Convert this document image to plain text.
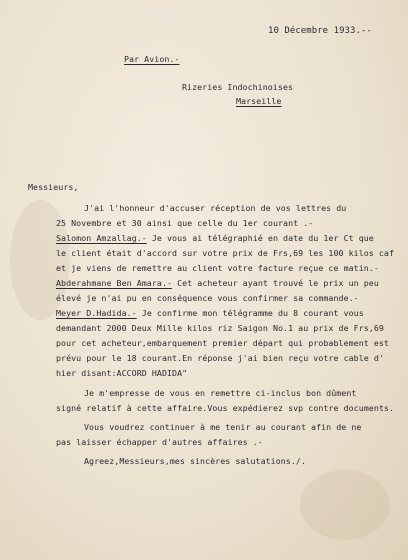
10 Décembre 1933.--
Par Avion.-
Rizeries Indochinoises
Marseille
Messieurs,
J'ai l'honneur d'accuser réception de vos lettres du
25 Novembre et 30 ainsi que celle du 1er courant .-
Salomon Amzallag.- Je vous ai télégraphié en date du 1er Ct que
le client était d'accord sur votre prix de Frs,69 les 100 kilos caf
et je viens de remettre au client votre facture reçue ce matin.-
Abderahmane Ben Amara.- Cet acheteur ayant trouvé le prix un peu
élevé je n'ai pu en conséquence vous confirmer sa commande.-
Meyer D.Hadida.- Je confirme mon télégramme du 8 courant vous
demandant 2000 Deux Mille kilos riz Saigon No.1 au prix de Frs,69
pour cet acheteur,embarquement premier départ qui probablement est
prévu pour le 18 courant.En réponse j'ai bien reçu votre cable d'
hier disant:ACCORD HADIDA"
Je m'empresse de vous en remettre ci-inclus bon dûment
signé relatif à cette affaire.Vous expédierez svp contre documents.
Vous voudrez continuer à me tenir au courant afin de ne
pas laisser échapper d'autres affaires .-
Agreez,Messieurs,mes sincères salutations./.
